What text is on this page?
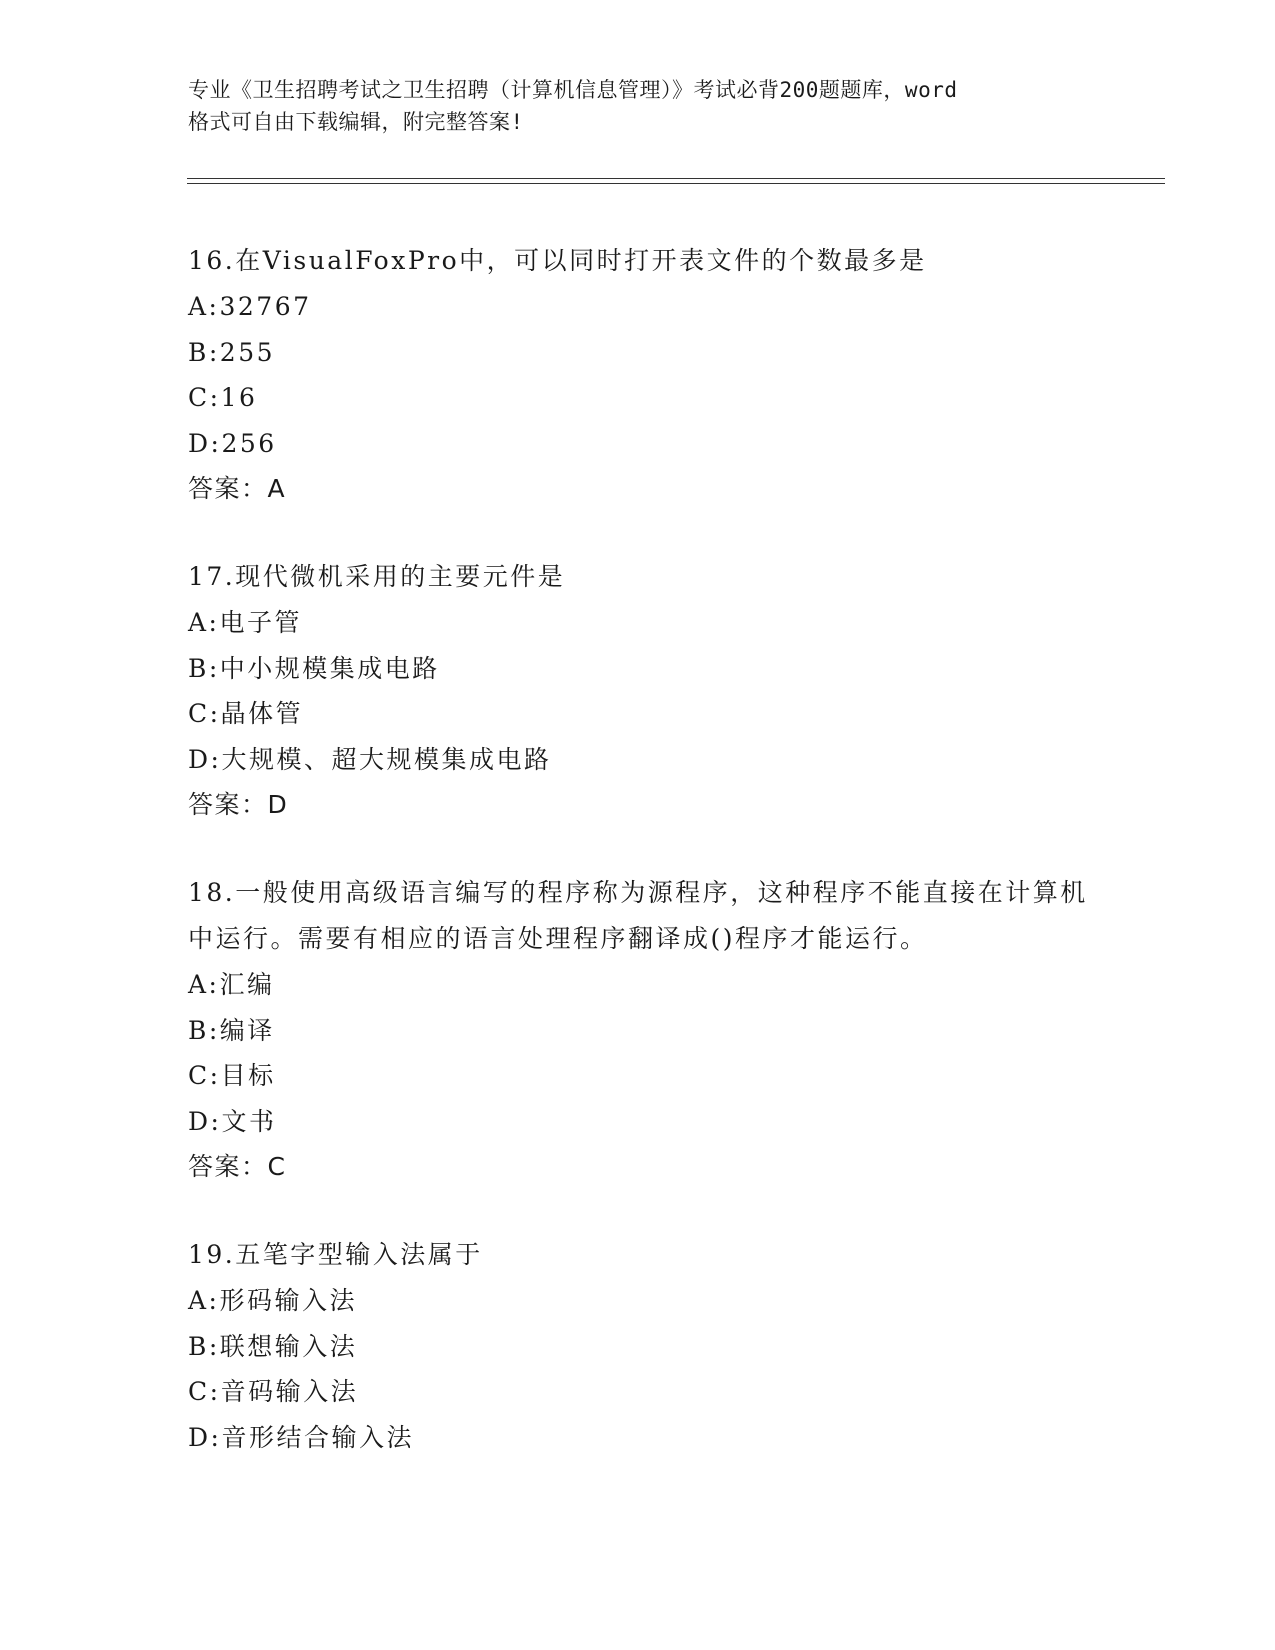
专业《卫生招聘考试之卫生招聘（计算机信息管理）》考试必背200题题库，word
格式可自由下载编辑，附完整答案!
16.在VisualFoxPro中，可以同时打开表文件的个数最多是
A:32767
B:255
C:16
D:256
答案：A
17.现代微机采用的主要元件是
A:电子管
B:中小规模集成电路
C:晶体管
D:大规模、超大规模集成电路
答案：D
18.一般使用高级语言编写的程序称为源程序，这种程序不能直接在计算机中运行。需要有相应的语言处理程序翻译成()程序才能运行。
A:汇编
B:编译
C:目标
D:文书
答案：C
19.五笔字型输入法属于
A:形码输入法
B:联想输入法
C:音码输入法
D:音形结合输入法
